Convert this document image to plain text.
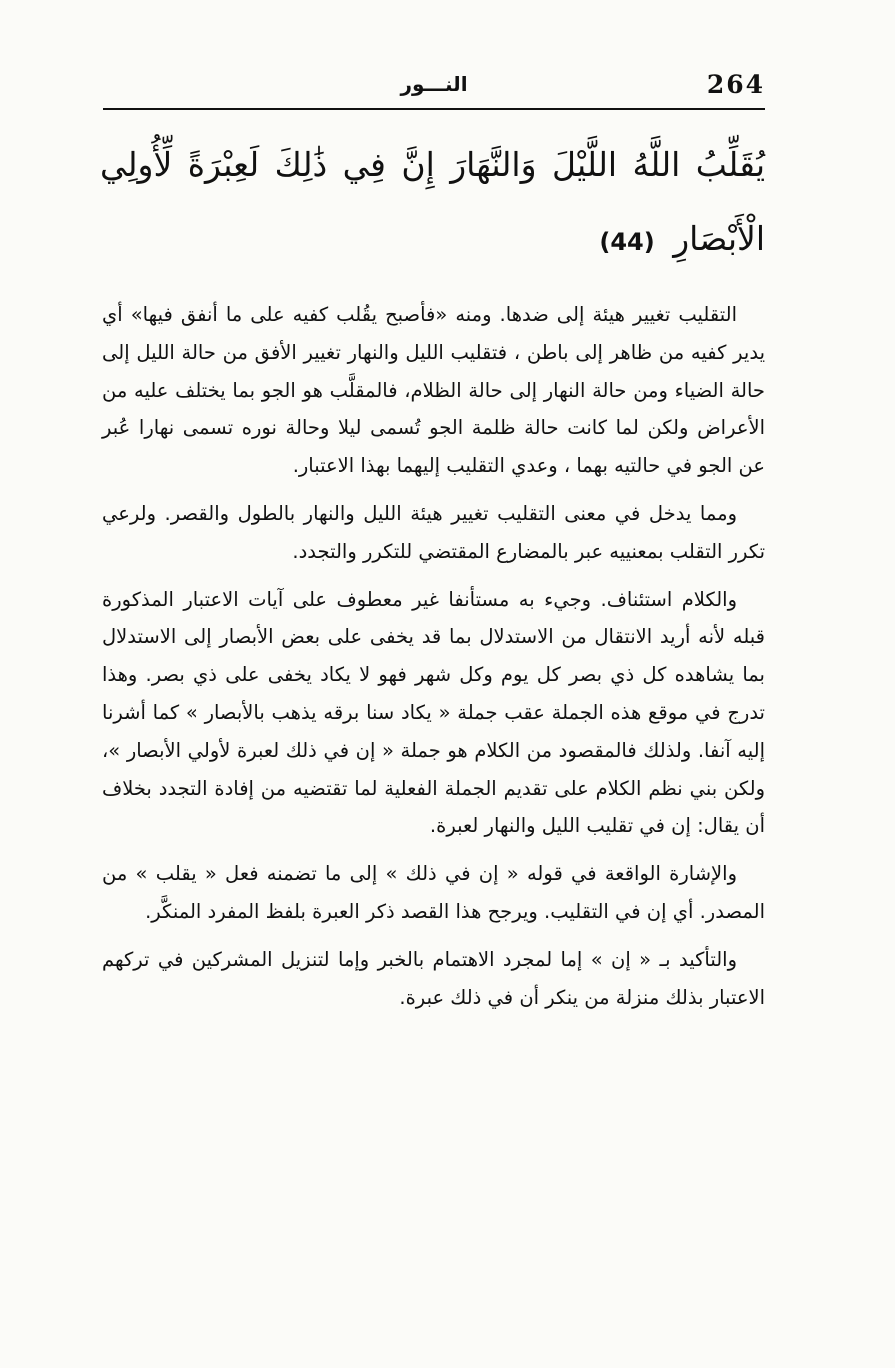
264
النـــور
يُقَلِّبُ اللَّهُ اللَّيْلَ وَالنَّهَارَ إِنَّ فِي ذَٰلِكَ لَعِبْرَةً لِّأُولِي الْأَبْصَارِ (44)

التقليب تغيير هيئة إلى ضدها. ومنه «فأصبح يقُلب كفيه على ما أنفق فيها» أي يدير كفيه من ظاهر إلى باطن ، فتقليب الليل والنهار تغيير الأفق من حالة الليل إلى حالة الضياء ومن حالة النهار إلى حالة الظلام، فالمقلَّب هو الجو بما يختلف عليه من الأعراض ولكن لما كانت حالة ظلمة الجو تُسمى ليلا وحالة نوره تسمى نهارا عُبر عن الجو في حالتيه بهما ، وعدي التقليب إليهما بهذا الاعتبار.

ومما يدخل في معنى التقليب تغيير هيئة الليل والنهار بالطول والقصر. ولرعي تكرر التقلب بمعنييه عبر بالمضارع المقتضي للتكرر والتجدد.

والكلام استئناف. وجيء به مستأنفا غير معطوف على آيات الاعتبار المذكورة قبله لأنه أريد الانتقال من الاستدلال بما قد يخفى على بعض الأبصار إلى الاستدلال بما يشاهده كل ذي بصر كل يوم وكل شهر فهو لا يكاد يخفى على ذي بصر. وهذا تدرج في موقع هذه الجملة عقب جملة « يكاد سنا برقه يذهب بالأبصار » كما أشرنا إليه آنفا. ولذلك فالمقصود من الكلام هو جملة « إن في ذلك لعبرة لأولي الأبصار »، ولكن بني نظم الكلام على تقديم الجملة الفعلية لما تقتضيه من إفادة التجدد بخلاف أن يقال: إن في تقليب الليل والنهار لعبرة.

والإشارة الواقعة في قوله « إن في ذلك » إلى ما تضمنه فعل « يقلب » من المصدر. أي إن في التقليب. ويرجح هذا القصد ذكر العبرة بلفظ المفرد المنكَّر.

والتأكيد بـ « إن » إما لمجرد الاهتمام بالخبر وإما لتنزيل المشركين في تركهم الاعتبار بذلك منزلة من ينكر أن في ذلك عبرة.
